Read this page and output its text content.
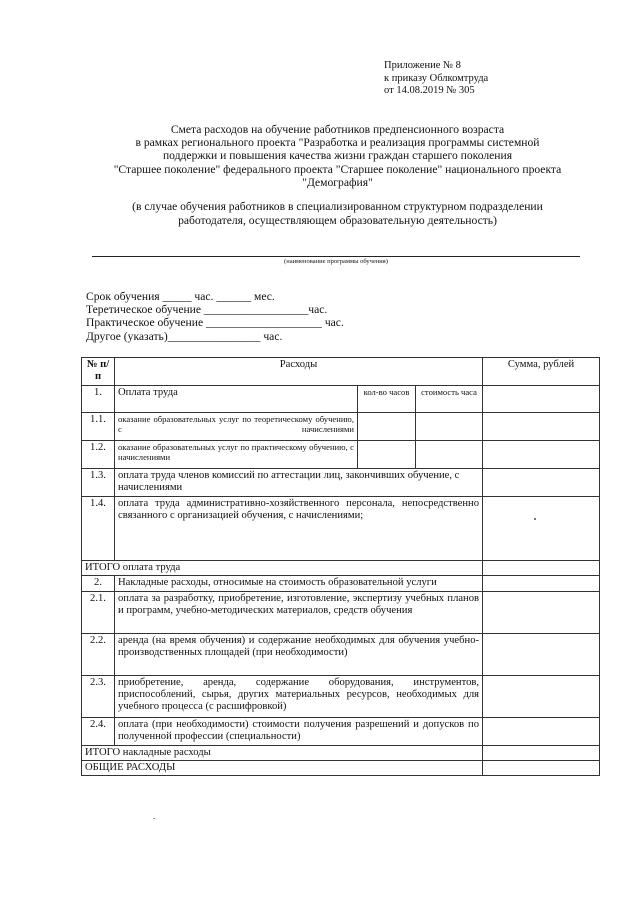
Приложение № 8
к приказу Облкомтруда
от 14.08.2019 № 305
Смета расходов на обучение работников предпенсионного возраста
в рамках регионального проекта "Разработка и реализация программы системной
поддержки и повышения качества жизни граждан старшего поколения
"Старшее поколение" федерального проекта "Старшее поколение" национального проекта
"Демография"
(в случае обучения работников в специализированном структурном подразделении
работодателя, осуществляющем образовательную деятельность)
(наименование программы обучения)
Срок обучения _____ час. ______ мес.
Теретическое обучение __________________час.
Практическое обучение ____________________ час.
Другое (указать)________________ час.
№ п/п	Расходы			Сумма, рублей
1.	Оплата труда	кол-во часов	стоимость часа	
1.1.	оказание образовательных услуг по теоретическому обучению, с начислениями			
1.2.	оказание образовательных услуг по практическому обучению, с начислениями			
1.3.	оплата труда членов комиссий по аттестации лиц, закончивших обучение, с начислениями			
1.4.	оплата труда административно-хозяйственного персонала, непосредственно связанного с организацией обучения, с начислениями;			
ИТОГО оплата труда				
2.	Накладные расходы, относимые на стоимость образовательной услуги			
2.1.	оплата за разработку, приобретение, изготовление, экспертизу учебных планов и программ, учебно-методических материалов, средств обучения			
2.2.	аренда (на время обучения) и содержание необходимых для обучения учебно-производственных площадей (при необходимости)			
2.3.	приобретение, аренда, содержание оборудования, инструментов, приспособлений, сырья, других материальных ресурсов, необходимых для учебного процесса (с расшифровкой)			
2.4.	оплата (при необходимости) стоимости получения разрешений и допусков по полученной профессии (специальности)			
ИТОГО накладные расходы				
ОБЩИЕ РАСХОДЫ				
